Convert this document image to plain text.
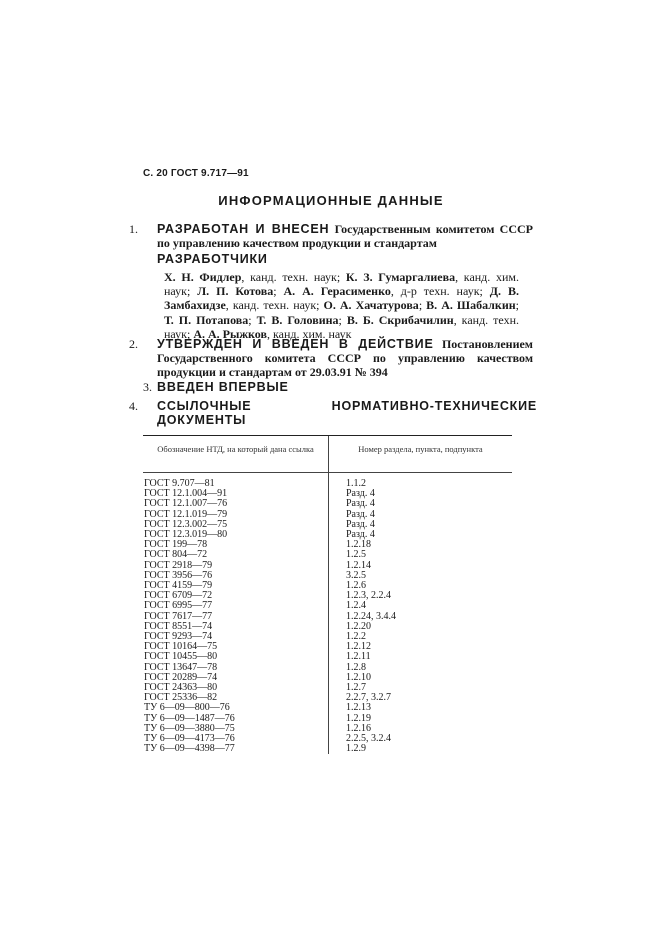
С. 20 ГОСТ 9.717—91
ИНФОРМАЦИОННЫЕ ДАННЫЕ
1. РАЗРАБОТАН И ВНЕСЕН Государственным комитетом СССР по управлению качеством продукции и стандартам
РАЗРАБОТЧИКИ
Х. Н. Фидлер, канд. техн. наук; К. З. Гумаргалиева, канд. хим. наук; Л. П. Котова; А. А. Герасименко, д-р техн. наук; Д. В. Замбахидзе, канд. техн. наук; О. А. Хачатурова; В. А. Шабалкин; Т. П. Потапова; Т. В. Головина; В. Б. Скрибачилин, канд. техн. наук; А. А. Рыжков, канд. хим. наук
2. УТВЕРЖДЕН И ВВЕДЕН В ДЕЙСТВИЕ Постановлением Государственного комитета СССР по управлению качеством продукции и стандартам от 29.03.91 № 394
3. ВВЕДЕН ВПЕРВЫЕ
4. ССЫЛОЧНЫЕ НОРМАТИВНО-ТЕХНИЧЕСКИЕ ДОКУМЕНТЫ
Обозначение НТД, на который дана ссылка	Номер раздела, пункта, подпункта
ГОСТ 9.707—81
ГОСТ 12.1.004—91
ГОСТ 12.1.007—76
ГОСТ 12.1.019—79
ГОСТ 12.3.002—75
ГОСТ 12.3.019—80
ГОСТ 199—78
ГОСТ 804—72
ГОСТ 2918—79
ГОСТ 3956—76
ГОСТ 4159—79
ГОСТ 6709—72
ГОСТ 6995—77
ГОСТ 7617—77
ГОСТ 8551—74
ГОСТ 9293—74
ГОСТ 10164—75
ГОСТ 10455—80
ГОСТ 13647—78
ГОСТ 20289—74
ГОСТ 24363—80
ГОСТ 25336—82
ТУ 6—09—800—76
ТУ 6—09—1487—76
ТУ 6—09—3880—75
ТУ 6—09—4173—76
ТУ 6—09—4398—77
1.1.2
Разд. 4
Разд. 4
Разд. 4
Разд. 4
Разд. 4
1.2.18
1.2.5
1.2.14
3.2.5
1.2.6
1.2.3, 2.2.4
1.2.4
1.2.24, 3.4.4
1.2.20
1.2.2
1.2.12
1.2.11
1.2.8
1.2.10
1.2.7
2.2.7, 3.2.7
1.2.13
1.2.19
1.2.16
2.2.5, 3.2.4
1.2.9
